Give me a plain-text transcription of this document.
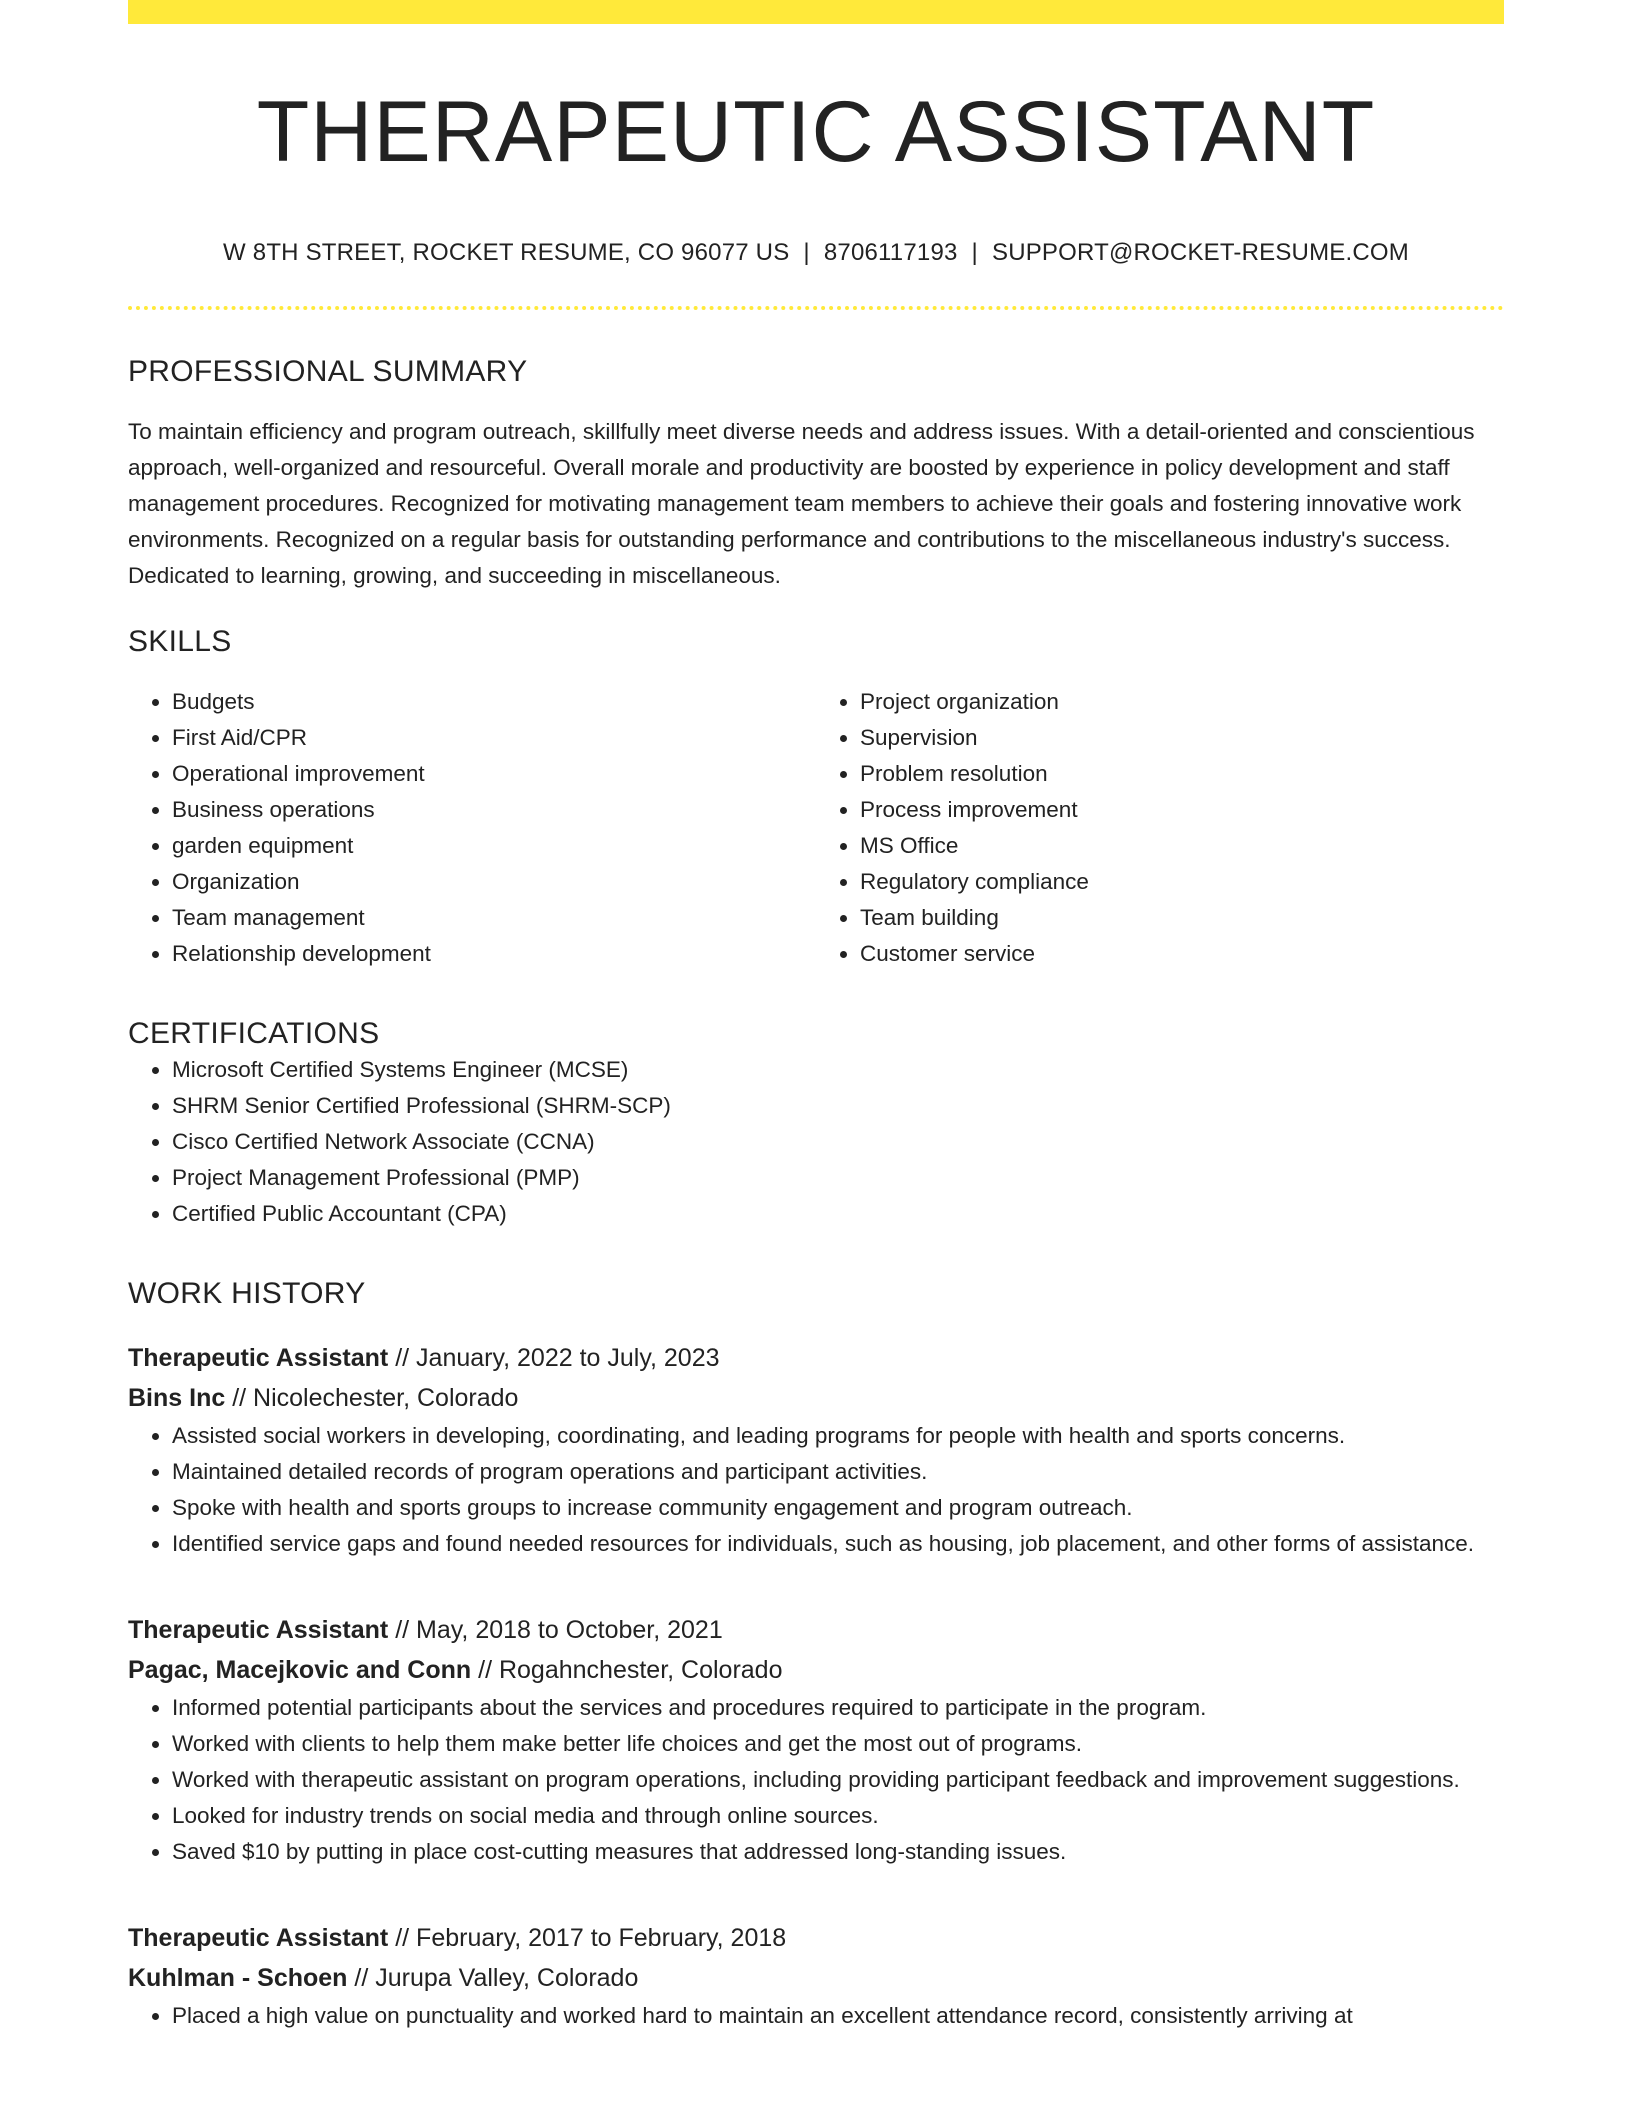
THERAPEUTIC ASSISTANT
W 8TH STREET, ROCKET RESUME, CO 96077 US | 8706117193 | SUPPORT@ROCKET-RESUME.COM
PROFESSIONAL SUMMARY

To maintain efficiency and program outreach, skillfully meet diverse needs and address issues. With a detail-oriented and conscientious approach, well-organized and resourceful. Overall morale and productivity are boosted by experience in policy development and staff management procedures. Recognized for motivating management team members to achieve their goals and fostering innovative work environments. Recognized on a regular basis for outstanding performance and contributions to the miscellaneous industry's success. Dedicated to learning, growing, and succeeding in miscellaneous.

SKILLS
• Budgets
• First Aid/CPR
• Operational improvement
• Business operations
• garden equipment
• Organization
• Team management
• Relationship development
• Project organization
• Supervision
• Problem resolution
• Process improvement
• MS Office
• Regulatory compliance
• Team building
• Customer service
CERTIFICATIONS
• Microsoft Certified Systems Engineer (MCSE)
• SHRM Senior Certified Professional (SHRM-SCP)
• Cisco Certified Network Associate (CCNA)
• Project Management Professional (PMP)
• Certified Public Accountant (CPA)
WORK HISTORY
Therapeutic Assistant // January, 2022 to July, 2023
Bins Inc // Nicolechester, Colorado
• Assisted social workers in developing, coordinating, and leading programs for people with health and sports concerns.
• Maintained detailed records of program operations and participant activities.
• Spoke with health and sports groups to increase community engagement and program outreach.
• Identified service gaps and found needed resources for individuals, such as housing, job placement, and other forms of assistance.
Therapeutic Assistant // May, 2018 to October, 2021
Pagac, Macejkovic and Conn // Rogahnchester, Colorado
• Informed potential participants about the services and procedures required to participate in the program.
• Worked with clients to help them make better life choices and get the most out of programs.
• Worked with therapeutic assistant on program operations, including providing participant feedback and improvement suggestions.
• Looked for industry trends on social media and through online sources.
• Saved $10 by putting in place cost-cutting measures that addressed long-standing issues.
Therapeutic Assistant // February, 2017 to February, 2018
Kuhlman - Schoen // Jurupa Valley, Colorado
• Placed a high value on punctuality and worked hard to maintain an excellent attendance record, consistently arriving at
